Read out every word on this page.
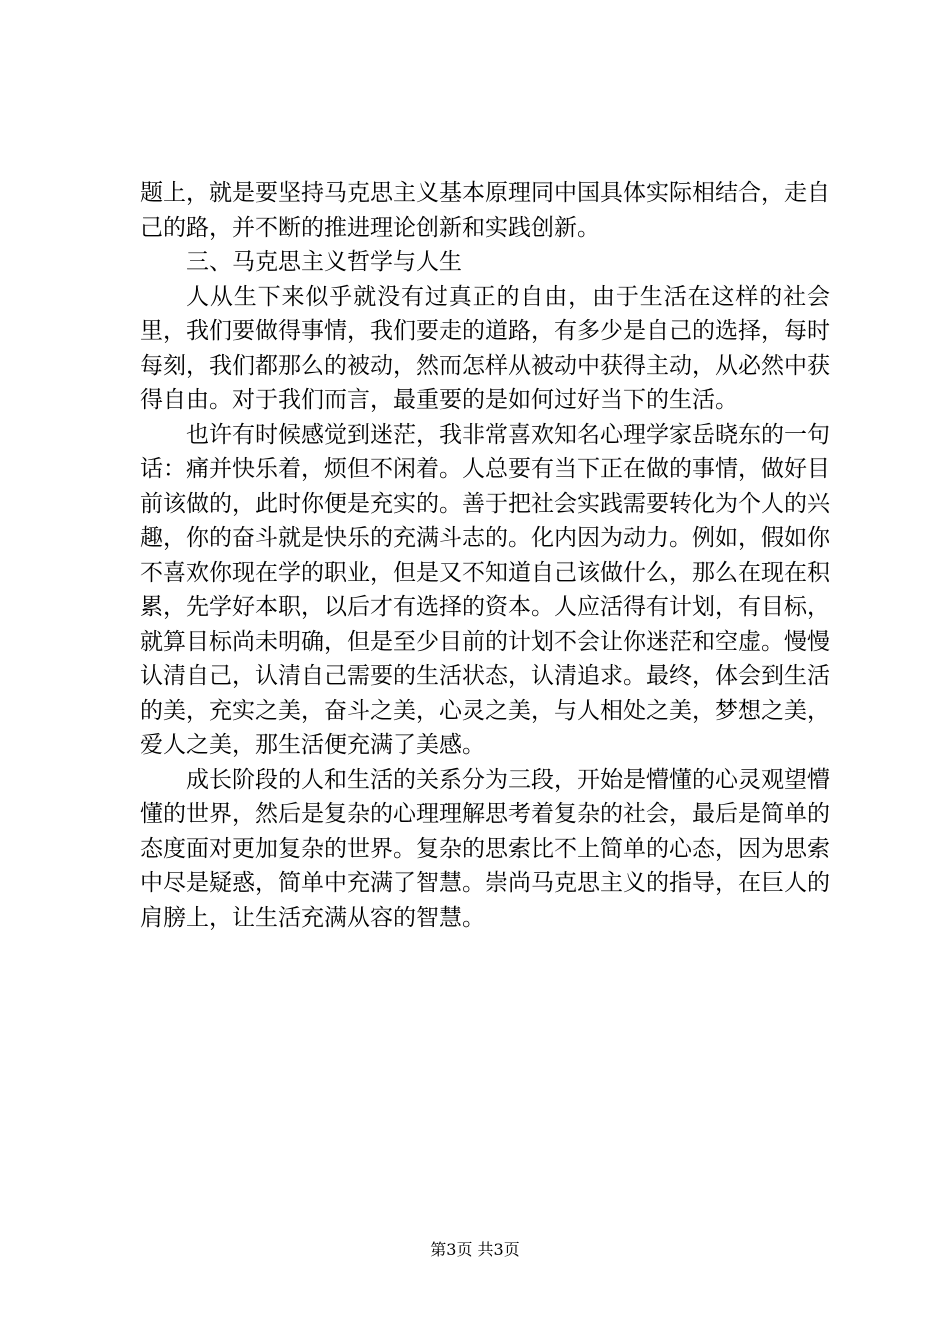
题上，就是要坚持马克思主义基本原理同中国具体实际相结合，走自己的路，并不断的推进理论创新和实践创新。

三、马克思主义哲学与人生

人从生下来似乎就没有过真正的自由，由于生活在这样的社会里，我们要做得事情，我们要走的道路，有多少是自己的选择，每时每刻，我们都那么的被动，然而怎样从被动中获得主动，从必然中获得自由。对于我们而言，最重要的是如何过好当下的生活。

也许有时候感觉到迷茫，我非常喜欢知名心理学家岳晓东的一句话：痛并快乐着，烦但不闲着。人总要有当下正在做的事情，做好目前该做的，此时你便是充实的。善于把社会实践需要转化为个人的兴趣，你的奋斗就是快乐的充满斗志的。化内因为动力。例如，假如你不喜欢你现在学的职业，但是又不知道自己该做什么，那么在现在积累，先学好本职，以后才有选择的资本。人应活得有计划，有目标，就算目标尚未明确，但是至少目前的计划不会让你迷茫和空虚。慢慢认清自己，认清自己需要的生活状态，认清追求。最终，体会到生活的美，充实之美，奋斗之美，心灵之美，与人相处之美，梦想之美，爱人之美，那生活便充满了美感。

成长阶段的人和生活的关系分为三段，开始是懵懂的心灵观望懵懂的世界，然后是复杂的心理理解思考着复杂的社会，最后是简单的态度面对更加复杂的世界。复杂的思索比不上简单的心态，因为思索中尽是疑惑，简单中充满了智慧。崇尚马克思主义的指导，在巨人的肩膀上，让生活充满从容的智慧。

第3页 共3页
